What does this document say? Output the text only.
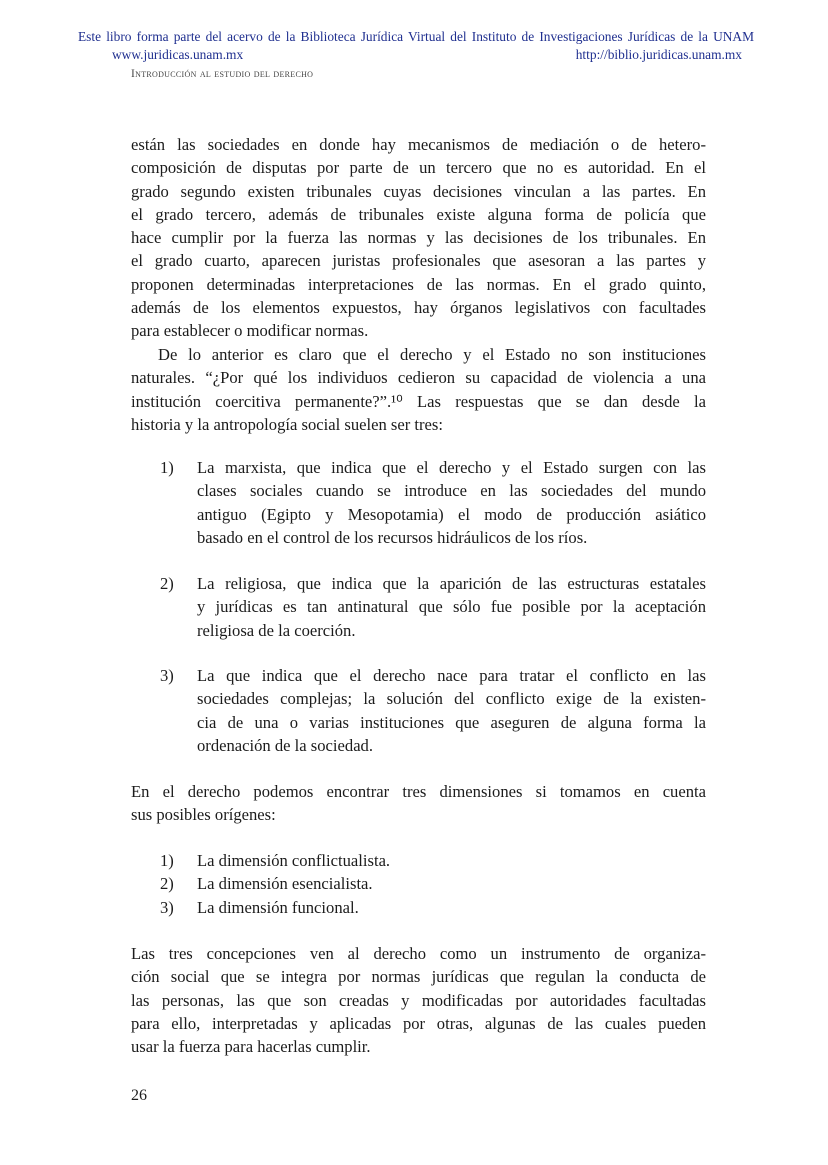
Este libro forma parte del acervo de la Biblioteca Jurídica Virtual del Instituto de Investigaciones Jurídicas de la UNAM
www.juridicas.unam.mx	http://biblio.juridicas.unam.mx
Introducción al estudio del derecho
están las sociedades en donde hay mecanismos de mediación o de hetero-
composición de disputas por parte de un tercero que no es autoridad. En el
grado segundo existen tribunales cuyas decisiones vinculan a las partes. En
el grado tercero, además de tribunales existe alguna forma de policía que
hace cumplir por la fuerza las normas y las decisiones de los tribunales. En
el grado cuarto, aparecen juristas profesionales que asesoran a las partes y
proponen determinadas interpretaciones de las normas. En el grado quinto,
además de los elementos expuestos, hay órganos legislativos con facultades
para establecer o modificar normas.
De lo anterior es claro que el derecho y el Estado no son instituciones
naturales. “¿Por qué los individuos cedieron su capacidad de violencia a una
institución coercitiva permanente?”.¹⁰ Las respuestas que se dan desde la
historia y la antropología social suelen ser tres:
1) La marxista, que indica que el derecho y el Estado surgen con las
clases sociales cuando se introduce en las sociedades del mundo
antiguo (Egipto y Mesopotamia) el modo de producción asiático
basado en el control de los recursos hidráulicos de los ríos.
2) La religiosa, que indica que la aparición de las estructuras estatales
y jurídicas es tan antinatural que sólo fue posible por la aceptación
religiosa de la coerción.
3) La que indica que el derecho nace para tratar el conflicto en las
sociedades complejas; la solución del conflicto exige de la existen-
cia de una o varias instituciones que aseguren de alguna forma la
ordenación de la sociedad.
En el derecho podemos encontrar tres dimensiones si tomamos en cuenta
sus posibles orígenes:
1) La dimensión conflictualista.
2) La dimensión esencialista.
3) La dimensión funcional.
Las tres concepciones ven al derecho como un instrumento de organiza-
ción social que se integra por normas jurídicas que regulan la conducta de
las personas, las que son creadas y modificadas por autoridades facultadas
para ello, interpretadas y aplicadas por otras, algunas de las cuales pueden
usar la fuerza para hacerlas cumplir.
26
